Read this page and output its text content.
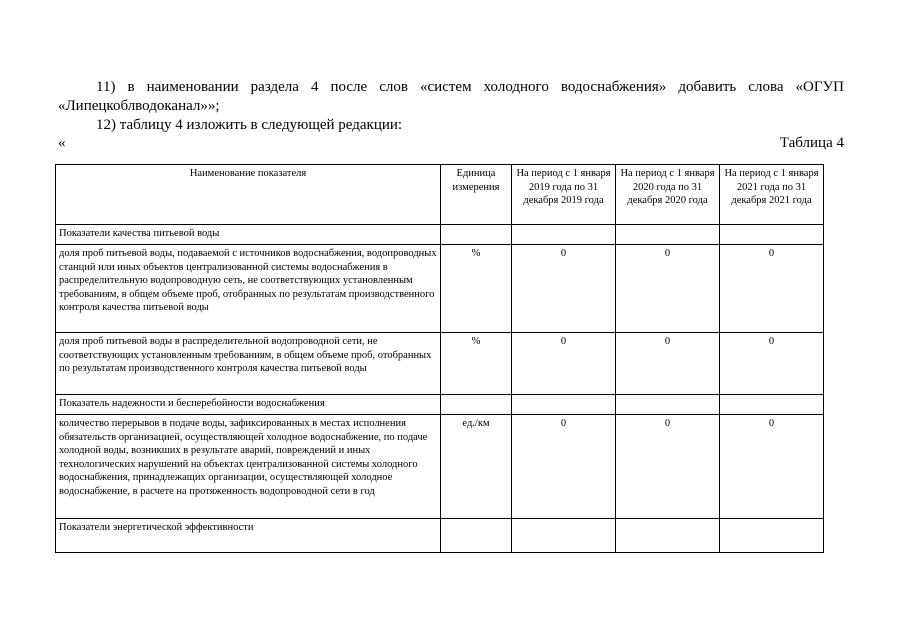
11) в наименовании раздела 4 после слов «систем холодного водоснабжения» добавить слова «ОГУП
«Липецкоблводоканал»»;
12) таблицу 4 изложить в следующей редакции:
«	Таблица 4
Наименование показателя	Единица измерения	На период с 1 января 2019 года по 31 декабря 2019 года	На период с 1 января 2020 года по 31 декабря 2020 года	На период с 1 января 2021 года по 31 декабря 2021 года
Показатели качества питьевой воды				
доля проб питьевой воды, подаваемой с источников водоснабжения, водопроводных станций или иных объектов централизованной системы водоснабжения в распределительную водопроводную сеть, не соответствующих установленным требованиям, в общем объеме проб, отобранных по результатам производственного контроля качества питьевой воды	%	0	0	0
доля проб питьевой воды в распределительной водопроводной сети, не соответствующих установленным требованиям, в общем объеме проб, отобранных по результатам производственного контроля качества питьевой воды	%	0	0	0
Показатель надежности и бесперебойности водоснабжения				
количество перерывов в подаче воды, зафиксированных в местах исполнения обязательств организацией, осуществляющей холодное водоснабжение, по подаче холодной воды, возникших в результате аварий, повреждений и иных технологических нарушений на объектах централизованной системы холодного водоснабжения, принадлежащих организации, осуществляющей холодное водоснабжение, в расчете на протяженность водопроводной сети в год	ед./км	0	0	0
Показатели энергетической эффективности				
